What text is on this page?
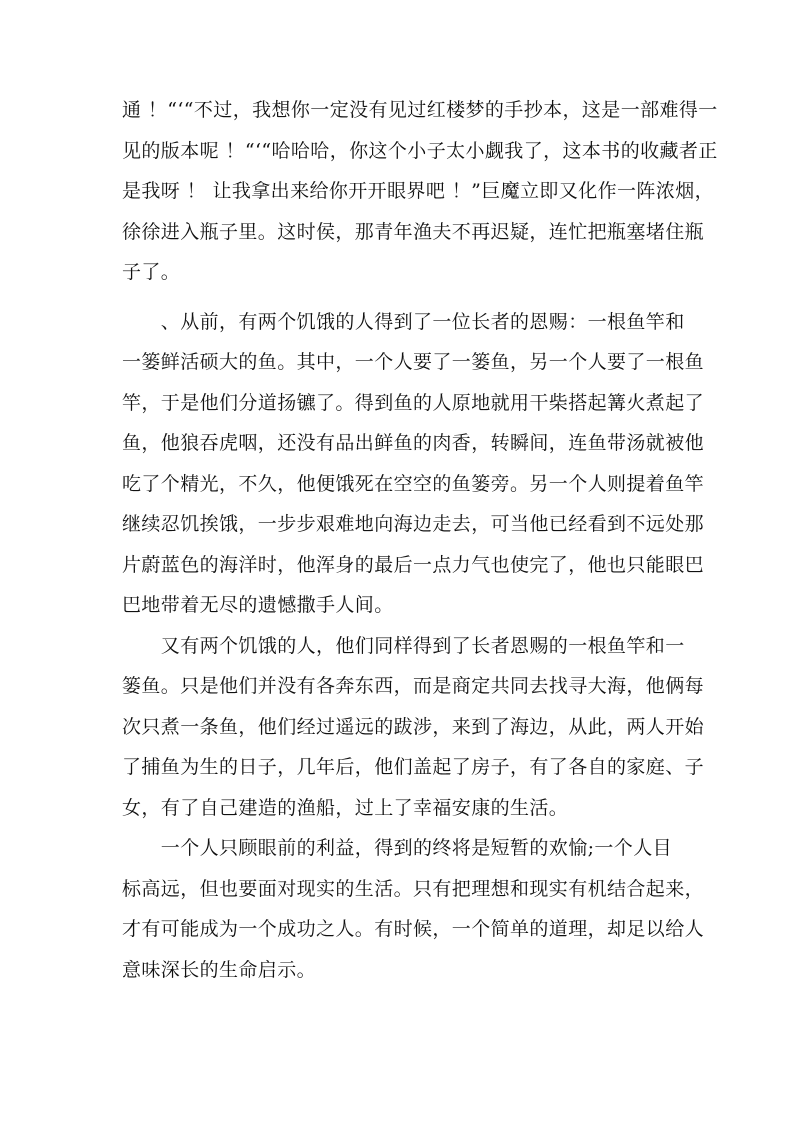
通 ！“‘“不过，我想你一定没有见过红楼梦的手抄本，这是一部难得一
见的版本呢 ！“‘“哈哈哈，你这个小子太小觑我了，这本书的收藏者正
是我呀 ！ 让我拿出来给你开开眼界吧 ！”巨魔立即又化作一阵浓烟，
徐徐进入瓶子里。这时侯，那青年渔夫不再迟疑，连忙把瓶塞堵住瓶
子了。
　　、从前，有两个饥饿的人得到了一位长者的恩赐：一根鱼竿和
一篓鲜活硕大的鱼。其中，一个人要了一篓鱼，另一个人要了一根鱼
竿，于是他们分道扬镳了。得到鱼的人原地就用干柴搭起篝火煮起了
鱼，他狼吞虎咽，还没有品出鲜鱼的肉香，转瞬间，连鱼带汤就被他
吃了个精光，不久，他便饿死在空空的鱼篓旁。另一个人则提着鱼竿
继续忍饥挨饿，一步步艰难地向海边走去，可当他已经看到不远处那
片蔚蓝色的海洋时，他浑身的最后一点力气也使完了，他也只能眼巴
巴地带着无尽的遗憾撒手人间。
　　又有两个饥饿的人，他们同样得到了长者恩赐的一根鱼竿和一
篓鱼。只是他们并没有各奔东西，而是商定共同去找寻大海，他俩每
次只煮一条鱼，他们经过遥远的跋涉，来到了海边，从此，两人开始
了捕鱼为生的日子，几年后，他们盖起了房子，有了各自的家庭、子
女，有了自己建造的渔船，过上了幸福安康的生活。
　　一个人只顾眼前的利益，得到的终将是短暂的欢愉;一个人目
标高远，但也要面对现实的生活。只有把理想和现实有机结合起来，
才有可能成为一个成功之人。有时候，一个简单的道理，却足以给人
意味深长的生命启示。
